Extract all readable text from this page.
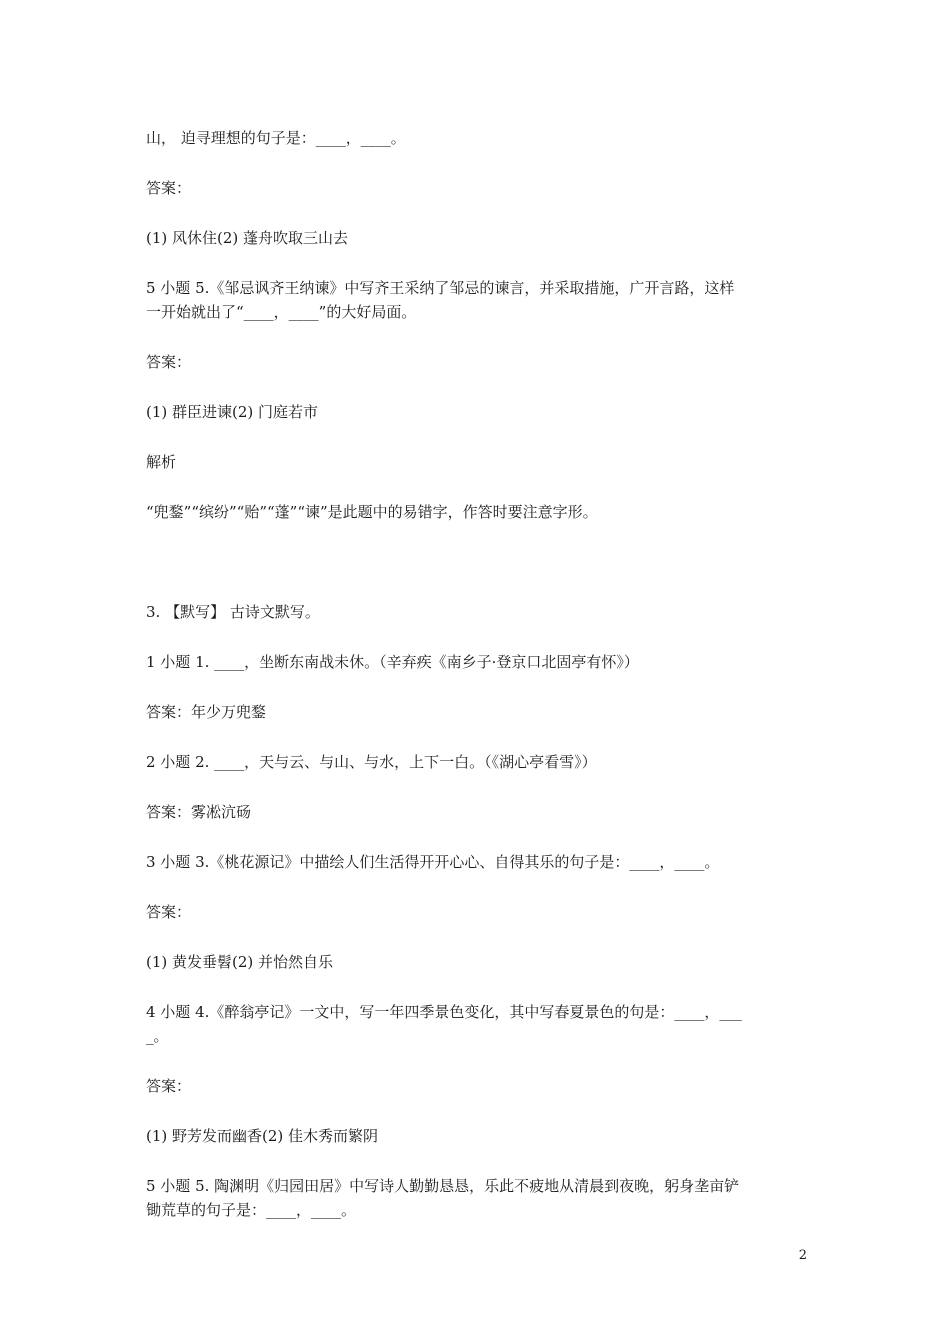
山， 迫寻理想的句子是：____，____。
答案：
(1) 风休住(2) 蓬舟吹取三山去
5 小题 5.《邹忌讽齐王纳谏》中写齐王采纳了邹忌的谏言，并采取措施，广开言路，这样
一开始就出了“____，____”的大好局面。
答案：
(1) 群臣进谏(2) 门庭若市
解析
“兜鍪”“缤纷”“贻”“蓬”“谏”是此题中的易错字，作答时要注意字形。
3. 【默写】 古诗文默写。
1 小题 1. ____，坐断东南战未休。（辛弃疾《南乡子·登京口北固亭有怀》）
答案：年少万兜鍪
2 小题 2. ____，天与云、与山、与水，上下一白。（《湖心亭看雪》）
答案：雾凇沆砀
3 小题 3.《桃花源记》中描绘人们生活得开开心心、自得其乐的句子是：____，____。
答案：
(1) 黄发垂髫(2) 并怡然自乐
4 小题 4.《醉翁亭记》一文中，写一年四季景色变化，其中写春夏景色的句是：____，___
_。
答案：
(1) 野芳发而幽香(2) 佳木秀而繁阴
5 小题 5. 陶渊明《归园田居》中写诗人勤勤恳恳，乐此不疲地从清晨到夜晚，躬身垄亩铲
锄荒草的句子是：____，____。
2
